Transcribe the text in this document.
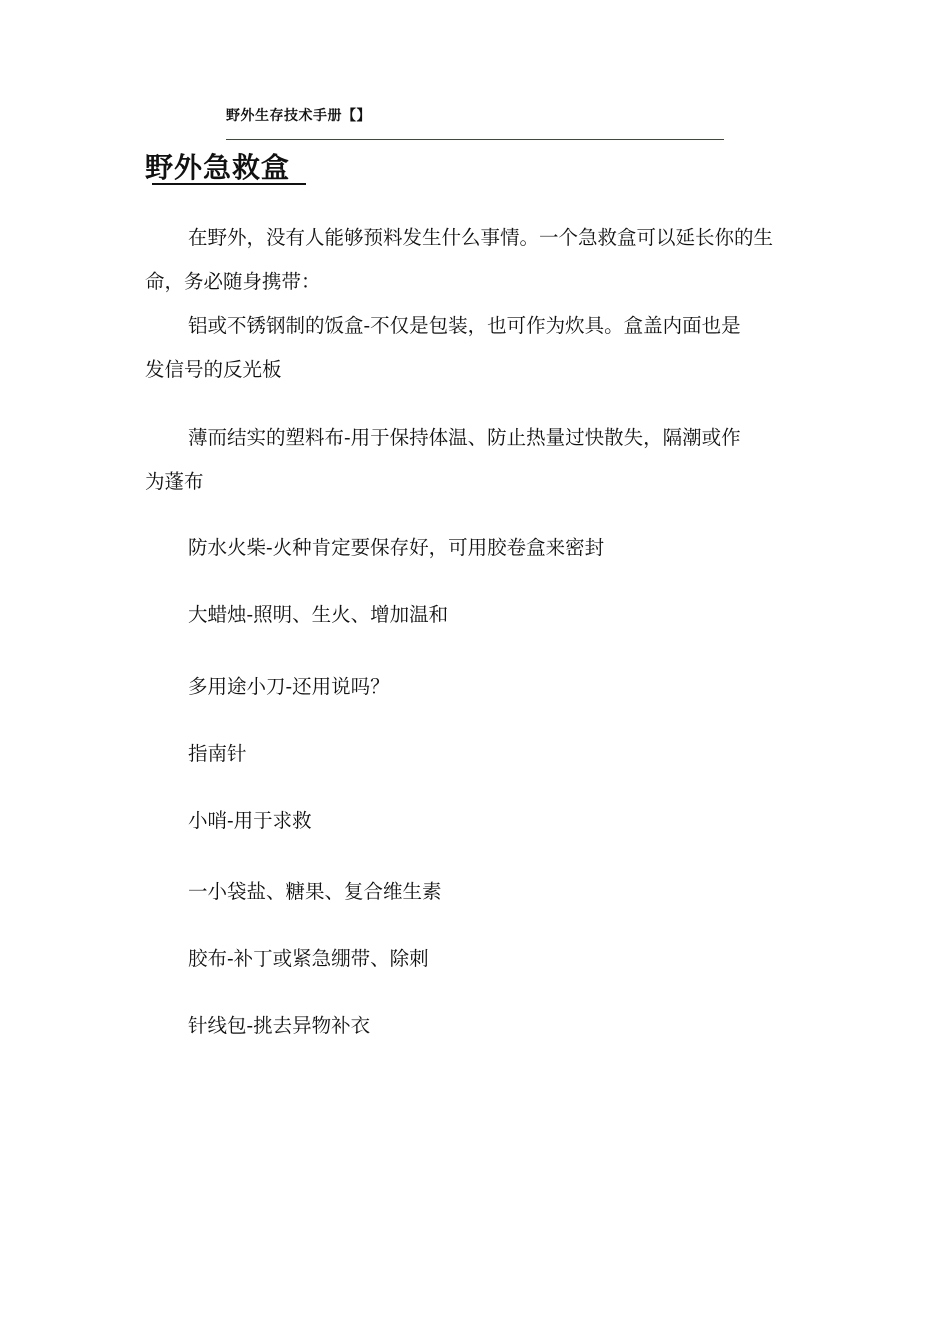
野外生存技术手册【】
野外急救盒
在野外，没有人能够预料发生什么事情。一个急救盒可以延长你的生
命，务必随身携带：
铝或不锈钢制的饭盒-不仅是包装，也可作为炊具。盒盖内面也是
发信号的反光板
薄而结实的塑料布-用于保持体温、防止热量过快散失，隔潮或作
为蓬布

防水火柴-火种肯定要保存好，可用胶卷盒来密封

大蜡烛-照明、生火、增加温和

多用途小刀-还用说吗？

指南针

小哨-用于求救

一小袋盐、糖果、复合维生素

胶布-补丁或紧急绷带、除刺

针线包-挑去异物补衣
